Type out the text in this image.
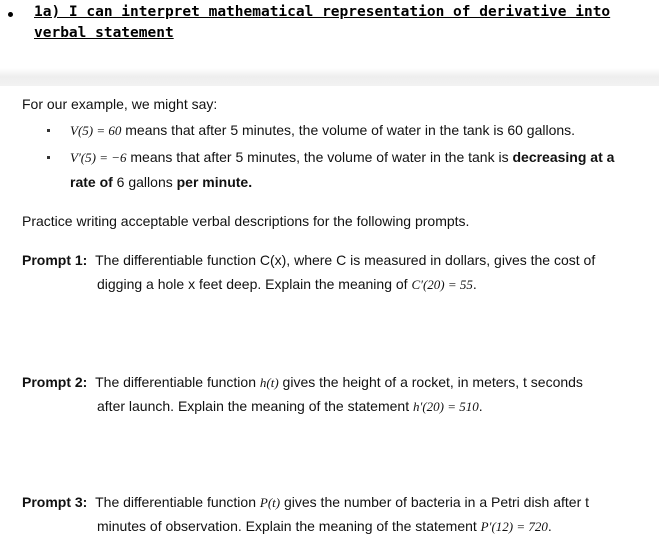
1a) I can interpret mathematical representation of derivative into
verbal statement
For our example, we might say:
V(5) = 60 means that after 5 minutes, the volume of water in the tank is 60 gallons.
V′(5) = −6 means that after 5 minutes, the volume of water in the tank is decreasing at a
rate of 6 gallons per minute.
Practice writing acceptable verbal descriptions for the following prompts.
Prompt 1: The differentiable function C(x), where C is measured in dollars, gives the cost of
digging a hole x feet deep. Explain the meaning of C′(20) = 55.
Prompt 2: The differentiable function h(t) gives the height of a rocket, in meters, t seconds
after launch. Explain the meaning of the statement h′(20) = 510.
Prompt 3: The differentiable function P(t) gives the number of bacteria in a Petri dish after t
minutes of observation. Explain the meaning of the statement P′(12) = 720.
